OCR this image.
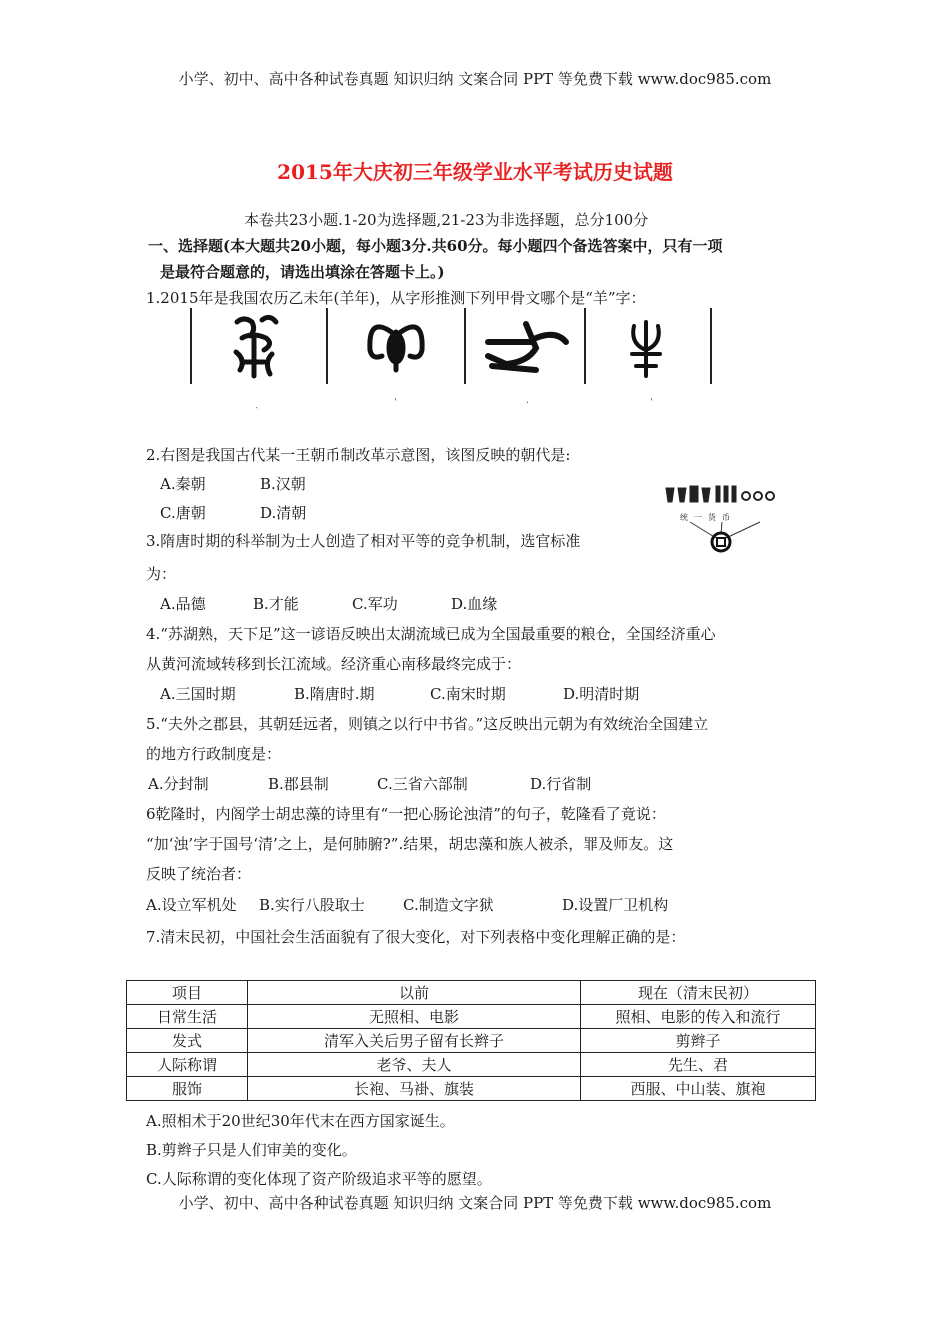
小学、初中、高中各种试卷真题 知识归纳 文案合同 PPT 等免费下载 www.doc985.com
2015年大庆初三年级学业水平考试历史试题
本卷共23小题.1-20为选择题,21-23为非选择题，总分100分
一、选择题(本大题共20小题，每小题3分.共60分。每小题四个备选答案中，只有一项
是最符合题意的，请选出填涂在答题卡上。)
1.2015年是我国农历乙未年(羊年)，从字形推测下列甲骨文哪个是“羊”字：
ˎ	ˈ	·	ˈ
2.右图是我国古代某一王朝币制改革示意图，该图反映的朝代是:
A.秦朝	B.汉朝
C.唐朝	D.清朝	统一货币
3.隋唐时期的科举制为士人创造了相对平等的竞争机制，选官标准
为：
A.品德	B.才能	C.军功	D.血缘
4.“苏湖熟，天下足”这一谚语反映出太湖流域已成为全国最重要的粮仓，全国经济重心
从黄河流域转移到长江流域。经济重心南移最终完成于：
A.三国时期	B.隋唐时.期	C.南宋时期	D.明清时期
5.“夫外之郡县，其朝廷远者，则镇之以行中书省。”这反映出元朝为有效统治全国建立
的地方行政制度是：
A.分封制	B.郡县制	C.三省六部制	D.行省制
6乾隆时，内阁学士胡忠藻的诗里有“一把心肠论浊清”的句子，乾隆看了竟说：
“加‘浊’字于国号‘清’之上，是何肺腑?”.结果，胡忠藻和族人被杀，罪及师友。这
反映了统治者：
A.设立军机处 B.实行八股取士	C.制造文字狱	D.设置厂卫机构
7.清末民初，中国社会生活面貌有了很大变化，对下列表格中变化理解正确的是：
项目	以前	现在（清末民初）
日常生活	无照相、电影	照相、电影的传入和流行
发式	清军入关后男子留有长辫子	剪辫子
人际称谓	老爷、夫人	先生、君
服饰	长袍、马褂、旗装	西服、中山装、旗袍
A.照相术于20世纪30年代末在西方国家诞生。
B.剪辫子只是人们审美的变化。
C.人际称谓的变化体现了资产阶级追求平等的愿望。
小学、初中、高中各种试卷真题 知识归纳 文案合同 PPT 等免费下载 www.doc985.com
